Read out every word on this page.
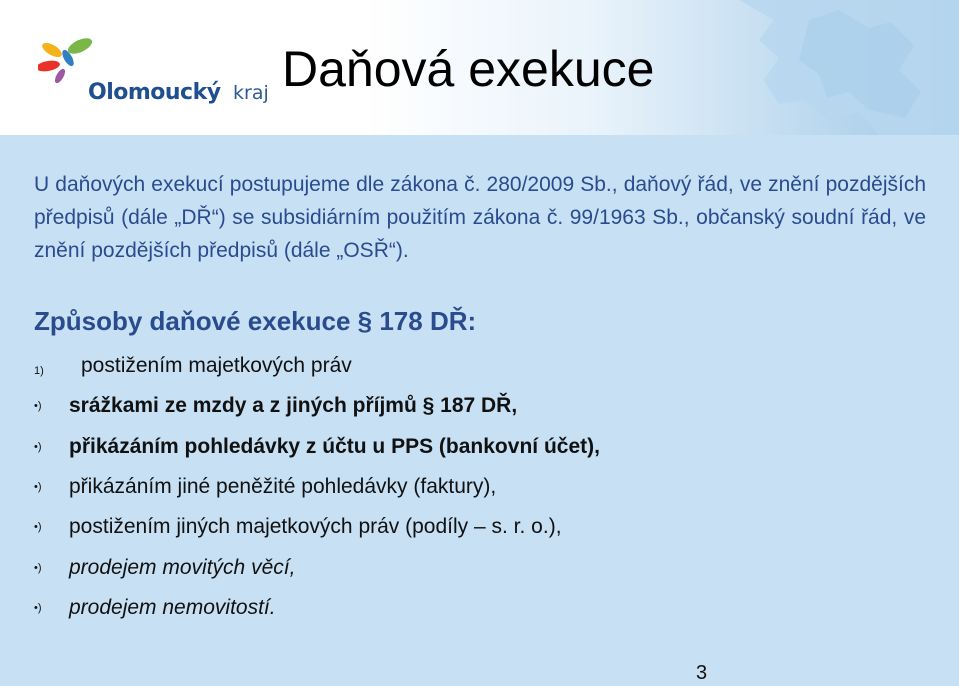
Olomoucký kraj Daňová exekuce
U daňových exekucí postupujeme dle zákona č. 280/2009 Sb., daňový řád, ve znění pozdějších předpisů (dále „DŘ“) se subsidiárním použitím zákona č. 99/1963 Sb., občanský soudní řád, ve znění pozdějších předpisů (dále „OSŘ“).
Způsoby daňové exekuce § 178 DŘ:
1) postižením majetkových práv
•) srážkami ze mzdy a z jiných příjmů § 187 DŘ,
•) přikázáním pohledávky z účtu u PPS (bankovní účet),
•) přikázáním jiné peněžité pohledávky (faktury),
•) postižením jiných majetkových práv (podíly – s. r. o.),
•) prodejem movitých věcí,
•) prodejem nemovitostí.
3
